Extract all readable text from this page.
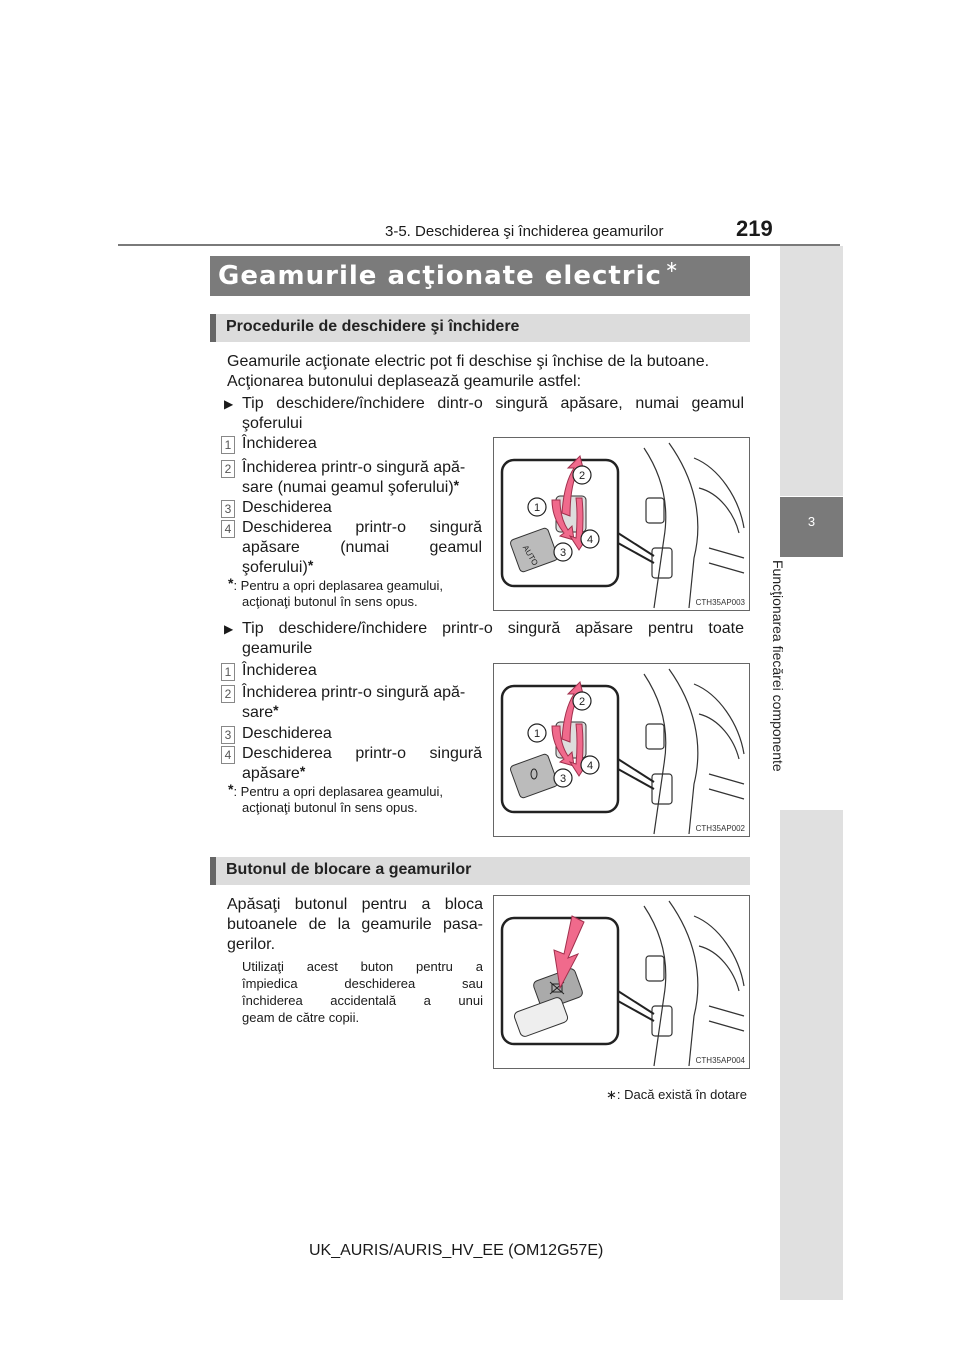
3-5. Deschiderea şi închiderea geamurilor	219
3
Funcţionarea fiecărei componente
Geamurile acţionate electric ∗
Procedurile de deschidere şi închidere
Geamurile acţionate electric pot fi deschise şi închise de la butoane.
Acţionarea butonului deplasează geamurile astfel:
▶ Tip deschidere/închidere dintr-o singură apăsare, numai geamul
şoferului
1 Închiderea
2 Închiderea printr-o singură apă-
sare (numai geamul şoferului)*
3 Deschiderea
4 Deschiderea printr-o singură
apăsare (numai geamul
şoferului)*
*: Pentru a opri deplasarea geamului,
acţionaţi butonul în sens opus.
AUTO
2
1
3
4
CTH35AP003
▶ Tip deschidere/închidere printr-o singură apăsare pentru toate
geamurile
1 Închiderea
2 Închiderea printr-o singură apă-
sare*
3 Deschiderea
4 Deschiderea printr-o singură
apăsare*
*: Pentru a opri deplasarea geamului,
acţionaţi butonul în sens opus.
2
1
3
4
CTH35AP002
Butonul de blocare a geamurilor
Apăsaţi butonul pentru a bloca
butoanele de la geamurile pasa-
gerilor.
Utilizaţi acest buton pentru a
împiedica deschiderea sau
închiderea accidentală a unui
geam de către copii.
CTH35AP004
∗: Dacă există în dotare
UK_AURIS/AURIS_HV_EE (OM12G57E)
